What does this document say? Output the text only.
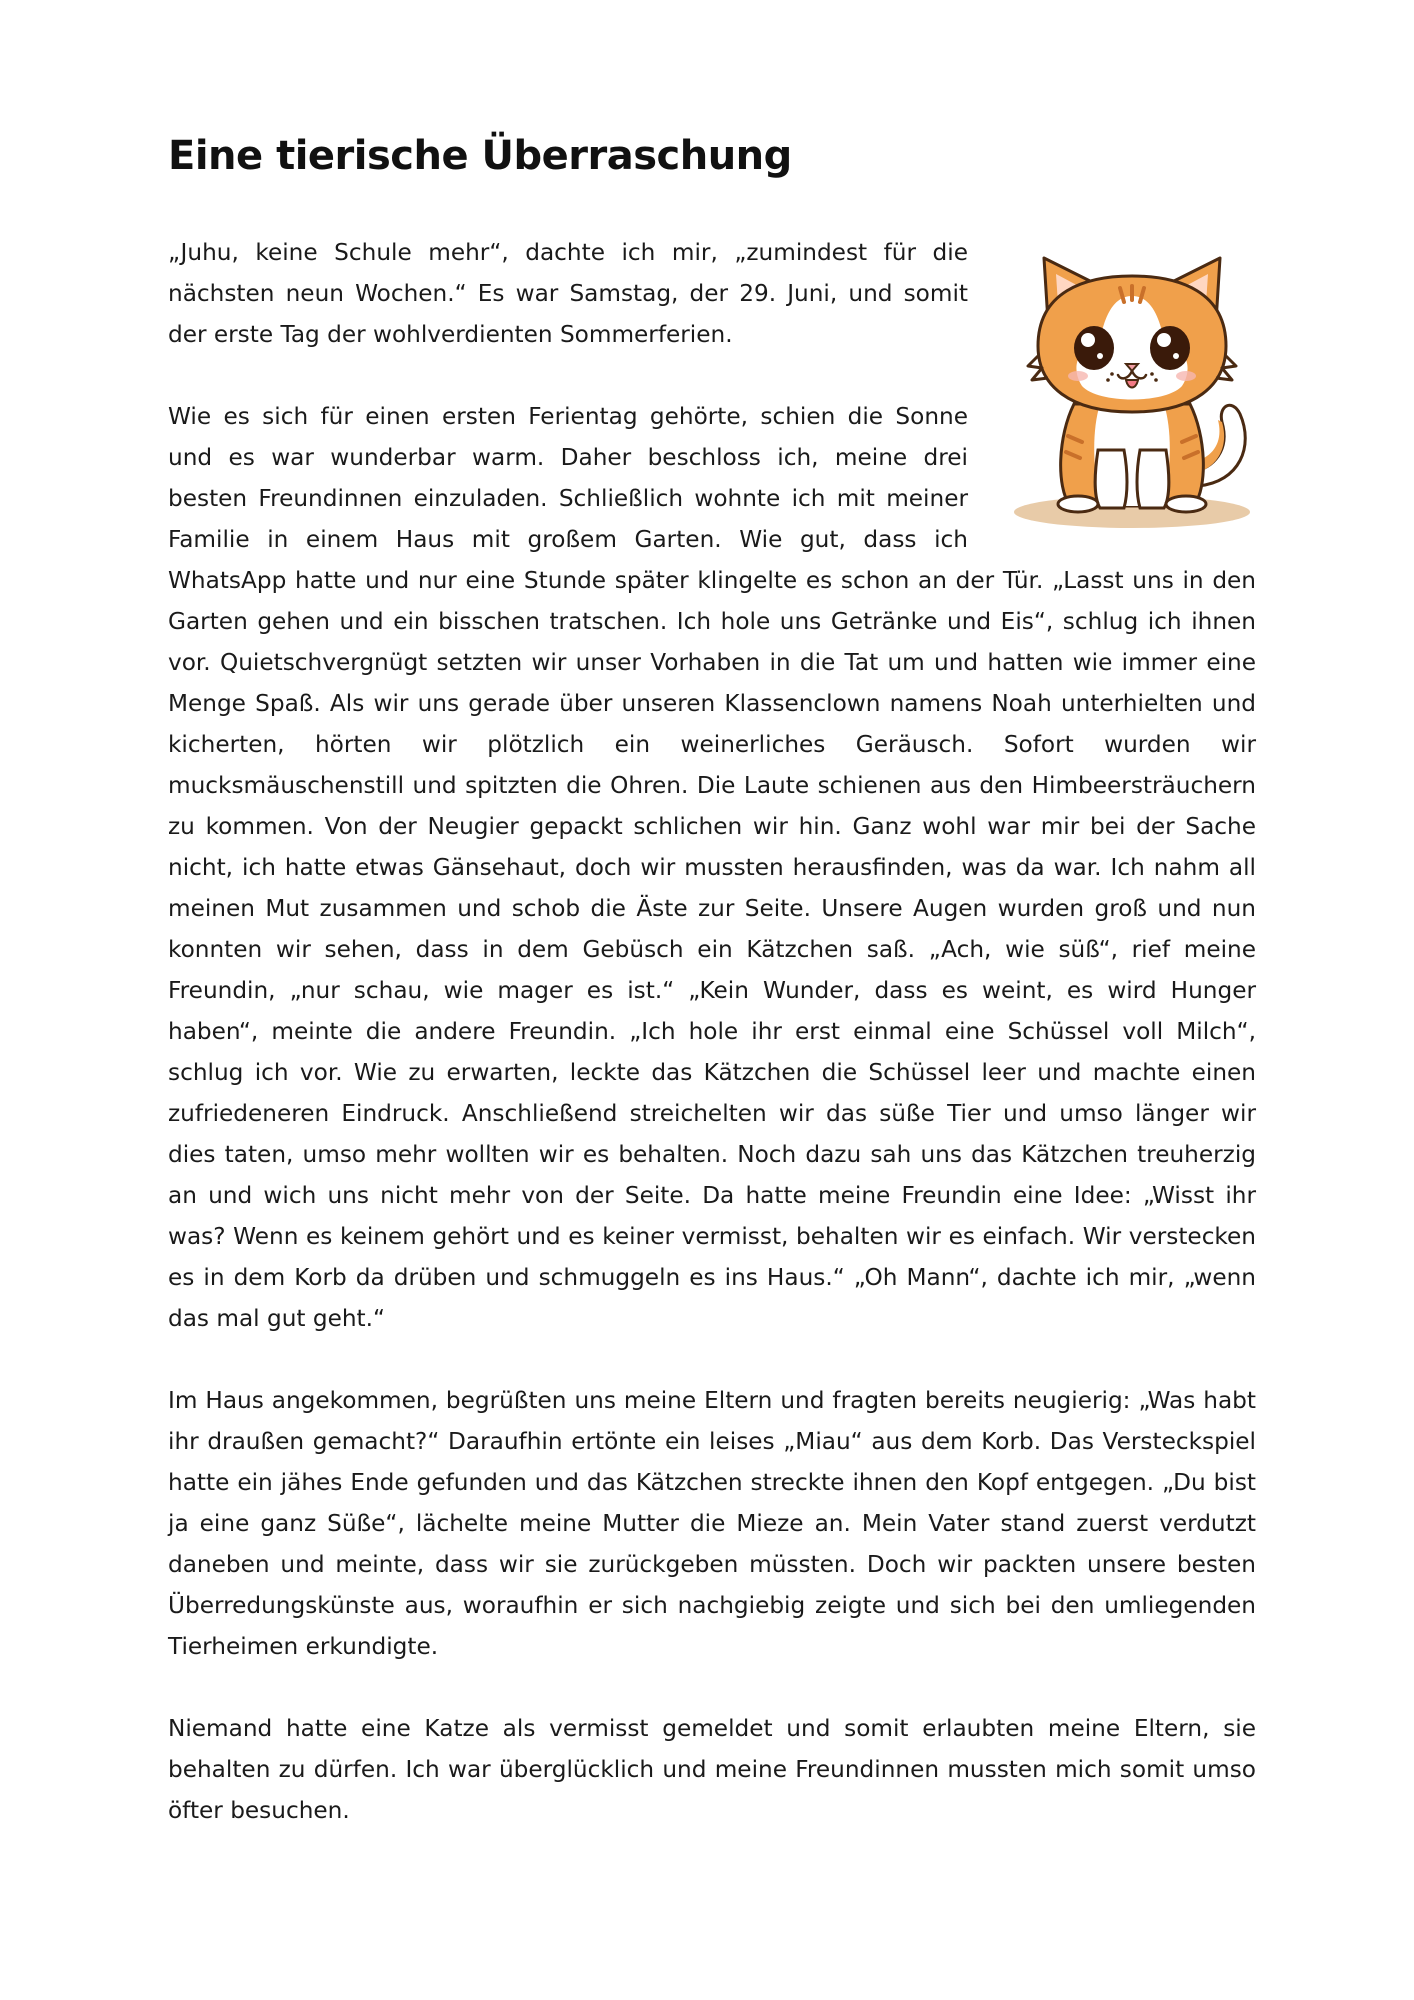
Eine tierische Überraschung

„Juhu, keine Schule mehr“, dachte ich mir, „zumindest für die nächsten neun Wochen.“ Es war Samstag, der 29. Juni, und somit der erste Tag der wohlverdienten Sommerferien.

Wie es sich für einen ersten Ferientag gehörte, schien die Sonne und es war wunderbar warm. Daher beschloss ich, meine drei besten Freundinnen einzuladen. Schließlich wohnte ich mit meiner Familie in einem Haus mit großem Garten. Wie gut, dass ich WhatsApp hatte und nur eine Stunde später klingelte es schon an der Tür. „Lasst uns in den Garten gehen und ein bisschen tratschen. Ich hole uns Getränke und Eis“, schlug ich ihnen vor. Quietschvergnügt setzten wir unser Vorhaben in die Tat um und hatten wie immer eine Menge Spaß. Als wir uns gerade über unseren Klassenclown namens Noah unterhielten und kicherten, hörten wir plötzlich ein weinerliches Geräusch. Sofort wurden wir mucksmäuschenstill und spitzten die Ohren. Die Laute schienen aus den Himbeersträuchern zu kommen. Von der Neugier gepackt schlichen wir hin. Ganz wohl war mir bei der Sache nicht, ich hatte etwas Gänsehaut, doch wir mussten herausfinden, was da war. Ich nahm all meinen Mut zusammen und schob die Äste zur Seite. Unsere Augen wurden groß und nun konnten wir sehen, dass in dem Gebüsch ein Kätzchen saß. „Ach, wie süß“, rief meine Freundin, „nur schau, wie mager es ist.“ „Kein Wunder, dass es weint, es wird Hunger haben“, meinte die andere Freundin. „Ich hole ihr erst einmal eine Schüssel voll Milch“, schlug ich vor. Wie zu erwarten, leckte das Kätzchen die Schüssel leer und machte einen zufriedeneren Eindruck. Anschließend streichelten wir das süße Tier und umso länger wir dies taten, umso mehr wollten wir es behalten. Noch dazu sah uns das Kätzchen treuherzig an und wich uns nicht mehr von der Seite. Da hatte meine Freundin eine Idee: „Wisst ihr was? Wenn es keinem gehört und es keiner vermisst, behalten wir es einfach. Wir verstecken es in dem Korb da drüben und schmuggeln es ins Haus.“ „Oh Mann“, dachte ich mir, „wenn das mal gut geht.“

Im Haus angekommen, begrüßten uns meine Eltern und fragten bereits neugierig: „Was habt ihr draußen gemacht?“ Daraufhin ertönte ein leises „Miau“ aus dem Korb. Das Versteckspiel hatte ein jähes Ende gefunden und das Kätzchen streckte ihnen den Kopf entgegen. „Du bist ja eine ganz Süße“, lächelte meine Mutter die Mieze an. Mein Vater stand zuerst verdutzt daneben und meinte, dass wir sie zurückgeben müssten. Doch wir packten unsere besten Überredungskünste aus, woraufhin er sich nachgiebig zeigte und sich bei den umliegenden Tierheimen erkundigte.

Niemand hatte eine Katze als vermisst gemeldet und somit erlaubten meine Eltern, sie behalten zu dürfen. Ich war überglücklich und meine Freundinnen mussten mich somit umso öfter besuchen.
